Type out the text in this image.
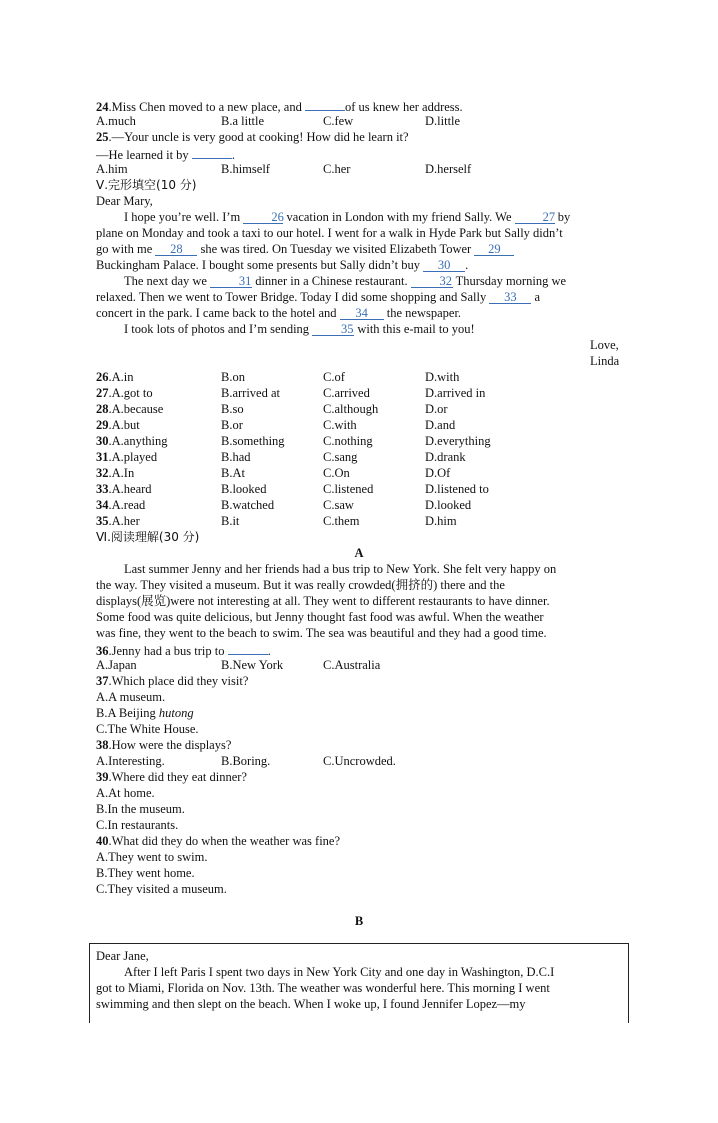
24.Miss Chen moved to a new place, and	of us knew her address.
A.much	B.a little	C.few	D.little
25.—Your uncle is very good at cooking! How did he learn it?
—He learned it by	.
A.him	B.himself	C.her	D.herself
Ⅴ.完形填空(10 分)
Dear Mary,
I hope you’re well. I’m 26 vacation in London with my friend Sally. We 27 by
plane on Monday and took a taxi to our hotel. I went for a walk in Hyde Park but Sally didn’t
go with me 28 she was tired. On Tuesday we visited Elizabeth Tower 29
Buckingham Palace. I bought some presents but Sally didn’t buy 30 .
The next day we	31 dinner in a Chinese restaurant.	32 Thursday morning we
relaxed. Then we went to Tower Bridge. Today I did some shopping and Sally 33 a
concert in the park. I came back to the hotel and 34 the newspaper.
I took lots of photos and I’m sending	35 with this e-mail to you!
Love,
Linda
26.A.in	B.on	C.of	D.with
27.A.got to	B.arrived at	C.arrived	D.arrived in
28.A.because	B.so	C.although	D.or
29.A.but	B.or	C.with	D.and
30.A.anything	B.something	C.nothing	D.everything
31.A.played	B.had	C.sang	D.drank
32.A.In	B.At	C.On	D.Of
33.A.heard	B.looked	C.listened	D.listened to
34.A.read	B.watched	C.saw	D.looked
35.A.her	B.it	C.them	D.him
Ⅵ.阅读理解(30 分)
A
Last summer Jenny and her friends had a bus trip to New York. She felt very happy on
the way. They visited a museum. But it was really crowded(拥挤的) there and the
displays(展览)were not interesting at all. They went to different restaurants to have dinner.
Some food was quite delicious, but Jenny thought fast food was awful. When the weather
was fine, they went to the beach to swim. The sea was beautiful and they had a good time.
36.Jenny had a bus trip to	.
A.Japan	B.New York	C.Australia
37.Which place did they visit?
A.A museum.
B.A Beijing hutong
C.The White House.
38.How were the displays?
A.Interesting.	B.Boring.	C.Uncrowded.
39.Where did they eat dinner?
A.At home.
B.In the museum.
C.In restaurants.
40.What did they do when the weather was fine?
A.They went to swim.
B.They went home.
C.They visited a museum.
B
Dear Jane,
After I left Paris I spent two days in New York City and one day in Washington, D.C.I
got to Miami, Florida on Nov. 13th. The weather was wonderful here. This morning I went
swimming and then slept on the beach. When I woke up, I found Jennifer Lopez—my
